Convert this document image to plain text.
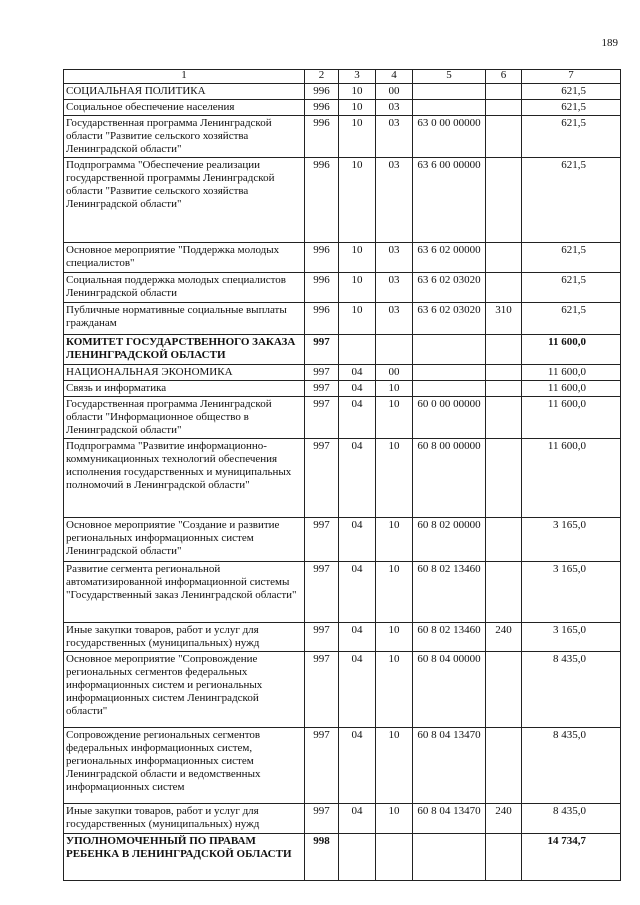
189
1	2	3	4	5	6	7
СОЦИАЛЬНАЯ ПОЛИТИКА	996	10	00			621,5
Социальное обеспечение населения	996	10	03			621,5
Государственная программа Ленинградской области "Развитие сельского хозяйства Ленинградской области"	996	10	03	63 0 00 00000		621,5
Подпрограмма "Обеспечение реализации государственной программы Ленинградской области "Развитие сельского хозяйства Ленинградской области"	996	10	03	63 6 00 00000		621,5
Основное мероприятие "Поддержка молодых специалистов"	996	10	03	63 6 02 00000		621,5
Социальная поддержка молодых специалистов Ленинградской области	996	10	03	63 6 02 03020		621,5
Публичные нормативные социальные выплаты гражданам	996	10	03	63 6 02 03020	310	621,5
КОМИТЕТ ГОСУДАРСТВЕННОГО ЗАКАЗА ЛЕНИНГРАДСКОЙ ОБЛАСТИ	997					11 600,0
НАЦИОНАЛЬНАЯ ЭКОНОМИКА	997	04	00			11 600,0
Связь и информатика	997	04	10			11 600,0
Государственная программа Ленинградской области "Информационное общество в Ленинградской области"	997	04	10	60 0 00 00000		11 600,0
Подпрограмма "Развитие информационно-коммуникационных технологий обеспечения исполнения государственных и муниципальных полномочий в Ленинградской области"	997	04	10	60 8 00 00000		11 600,0
Основное мероприятие "Создание и развитие региональных информационных систем Ленинградской области"	997	04	10	60 8 02 00000		3 165,0
Развитие сегмента региональной автоматизированной информационной системы "Государственный заказ Ленинградской области"	997	04	10	60 8 02 13460		3 165,0
Иные закупки товаров, работ и услуг для государственных (муниципальных) нужд	997	04	10	60 8 02 13460	240	3 165,0
Основное мероприятие "Сопровождение региональных сегментов федеральных информационных систем и региональных информационных систем Ленинградской области"	997	04	10	60 8 04 00000		8 435,0
Сопровождение региональных сегментов федеральных информационных систем, региональных информационных систем Ленинградской области и ведомственных информационных систем	997	04	10	60 8 04 13470		8 435,0
Иные закупки товаров, работ и услуг для государственных (муниципальных) нужд	997	04	10	60 8 04 13470	240	8 435,0
УПОЛНОМОЧЕННЫЙ ПО ПРАВАМ РЕБЕНКА В ЛЕНИНГРАДСКОЙ ОБЛАСТИ	998					14 734,7
